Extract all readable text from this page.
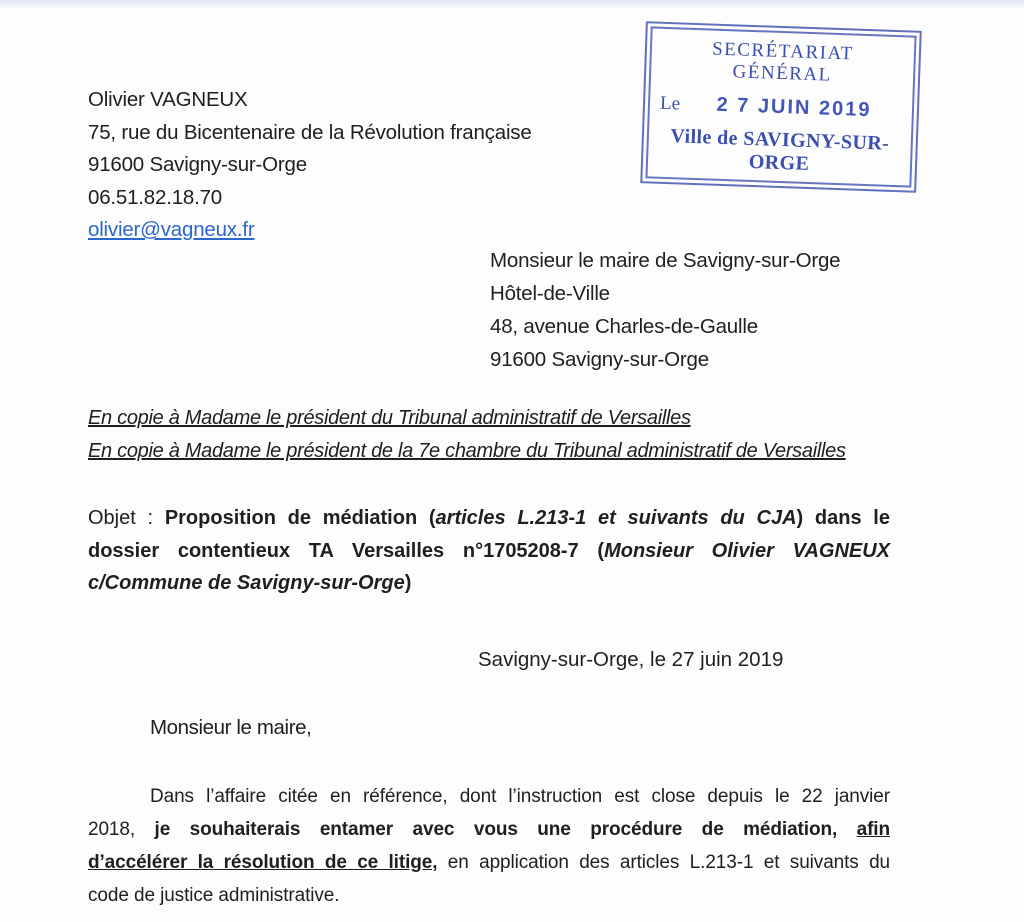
Olivier VAGNEUX
75, rue du Bicentenaire de la Révolution française
91600 Savigny-sur-Orge
06.51.82.18.70
olivier@vagneux.fr
SECRÉTARIAT GÉNÉRAL
Le	2 7 JUIN 2019
Ville de SAVIGNY-SUR-ORGE
Monsieur le maire de Savigny-sur-Orge
Hôtel-de-Ville
48, avenue Charles-de-Gaulle
91600 Savigny-sur-Orge
En copie à Madame le président du Tribunal administratif de Versailles
En copie à Madame le président de la 7e chambre du Tribunal administratif de Versailles
Objet : Proposition de médiation (articles L.213-1 et suivants du CJA) dans le
dossier contentieux TA Versailles n°1705208-7 (Monsieur Olivier VAGNEUX
c/Commune de Savigny-sur-Orge)
Savigny-sur-Orge, le 27 juin 2019
Monsieur le maire,
Dans l’affaire citée en référence, dont l’instruction est close depuis le 22 janvier
2018, je souhaiterais entamer avec vous une procédure de médiation, afin
d’accélérer la résolution de ce litige, en application des articles L.213-1 et suivants du
code de justice administrative.
